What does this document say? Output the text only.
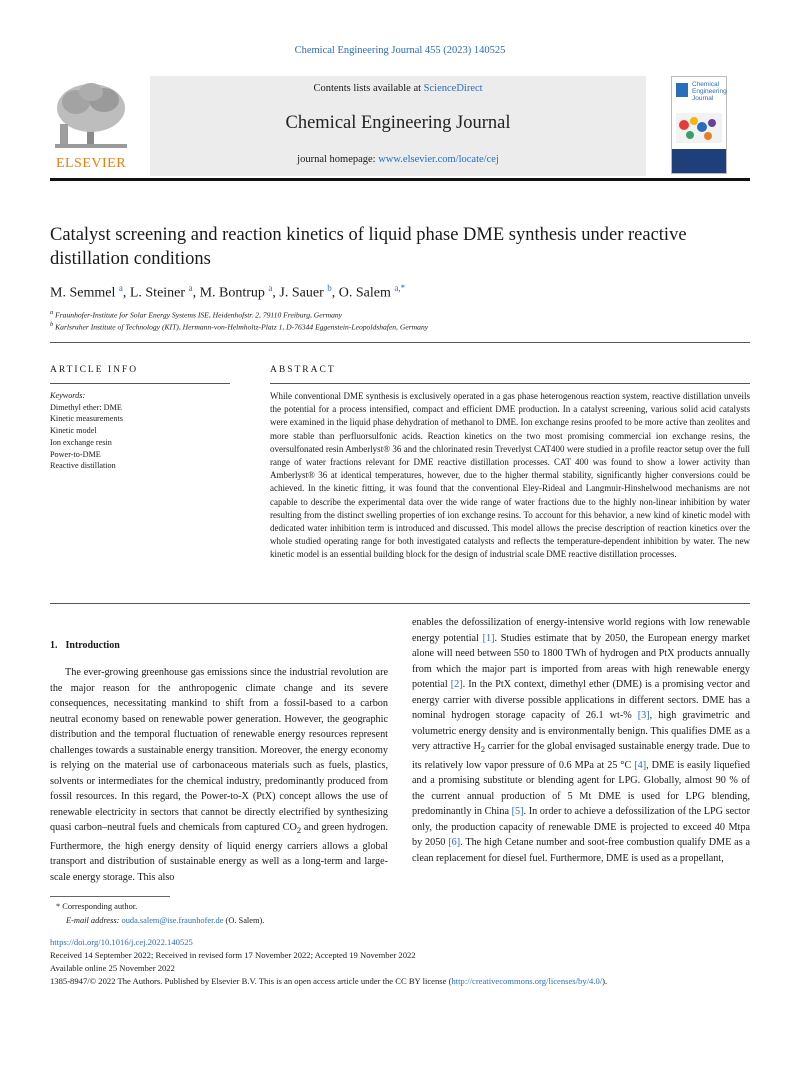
Chemical Engineering Journal 455 (2023) 140525
ELSEVIER
Contents lists available at ScienceDirect
Chemical Engineering Journal
journal homepage: www.elsevier.com/locate/cej
Chemical
Engineering
Journal
Catalyst screening and reaction kinetics of liquid phase DME synthesis under reactive distillation conditions
M. Semmel $^a$, L. Steiner $^a$, M. Bontrup $^a$, J. Sauer $^b$, O. Salem $^{a,*}$
$^a$ Fraunhofer-Institute for Solar Energy Systems ISE, Heidenhofstr. 2, 79110 Freiburg, Germany
$^b$ Karlsruher Institute of Technology (KIT), Hermann-von-Helmholtz-Platz 1, D-76344 Eggenstein-Leopoldshafen, Germany
ARTICLE INFO	ABSTRACT
Keywords:
Dimethyl ether: DME
Kinetic measurements
Kinetic model
Ion exchange resin
Power-to-DME
Reactive distillation
While conventional DME synthesis is exclusively operated in a gas phase heterogenous reaction system, reactive distillation unveils the potential for a process intensified, compact and efficient DME production. In a catalyst screening, various solid acid catalysts were examined in the liquid phase dehydration of methanol to DME. Ion exchange resins proofed to be more active than zeolites and more stable than perfluorsulfonic acids. Reaction kinetics on the two most promising commercial ion exchange resins, the oversulfonated resin Amberlyst® 36 and the chlorinated resin Treverlyst CAT400 were studied in a profile reactor setup over the full range of water fractions relevant for DME reactive distillation processes. CAT 400 was found to show a lower activity than Amberlyst® 36 at identical temperatures, however, due to the higher thermal stability, significantly higher conversions could be achieved. In the kinetic fitting, it was found that the conventional Eley-Rideal and Langmuir-Hinshelwood mechanisms are not capable to describe the experimental data over the wide range of water fractions due to the highly non-linear inhibition by water resulting from the distinct swelling properties of ion exchange resins. To account for this behavior, a new kind of kinetic model with dedicated water inhibition term is introduced and discussed. This model allows the precise description of reaction kinetics over the whole studied operating range for both investigated catalysts and reflects the temperature-dependent inhibition by water. The new kinetic model is an essential building block for the design of industrial scale DME reactive distillation processes.
1. Introduction
The ever-growing greenhouse gas emissions since the industrial revolution are the major reason for the anthropogenic climate change and its severe consequences, necessitating mankind to shift from a fossil-based to a carbon neutral economy based on renewable power generation. However, the geographic distribution and the temporal fluctuation of renewable energy resources represent challenges towards a sustainable energy transition. Moreover, the energy economy is relying on the material use of carbonaceous materials such as fuels, plastics, solvents or intermediates for the chemical industry, predominantly produced from fossil resources. In this regard, the Power-to-X (PtX) concept allows the use of renewable electricity in sectors that cannot be directly electrified by synthesizing quasi carbon–neutral fuels and chemicals from captured $CO_2$ and green hydrogen. Furthermore, the high energy density of liquid energy carriers allows a global transport and distribution of sustainable energy as well as a long-term and large-scale energy storage. This also
enables the defossilization of energy-intensive world regions with low renewable energy potential [1]. Studies estimate that by 2050, the European energy market alone will need between 550 to 1800 TWh of hydrogen and PtX products annually from which the major part is imported from areas with high renewable energy potential [2]. In the PtX context, dimethyl ether (DME) is a promising vector and energy carrier with diverse possible applications in different sectors. DME has a nominal hydrogen storage capacity of 26.1 wt-% [3], high gravimetric and volumetric energy density and is environmentally benign. This qualifies DME as a very attractive $H_2$ carrier for the global envisaged sustainable energy trade. Due to its relatively low vapor pressure of 0.6 MPa at 25 °C [4], DME is easily liquefied and a promising substitute or blending agent for LPG. Globally, almost 90 % of the current annual production of 5 Mt DME is used for LPG blending, predominantly in China [5]. In order to achieve a defossilization of the LPG sector only, the production capacity of renewable DME is projected to exceed 40 Mtpa by 2050 [6]. The high Cetane number and soot-free combustion qualify DME as a clean replacement for diesel fuel. Furthermore, DME is used as a propellant,
* Corresponding author.
E-mail address: ouda.salem@ise.fraunhofer.de (O. Salem).
https://doi.org/10.1016/j.cej.2022.140525
Received 14 September 2022; Received in revised form 17 November 2022; Accepted 19 November 2022
Available online 25 November 2022
1385-8947/© 2022 The Authors. Published by Elsevier B.V. This is an open access article under the CC BY license (http://creativecommons.org/licenses/by/4.0/).
